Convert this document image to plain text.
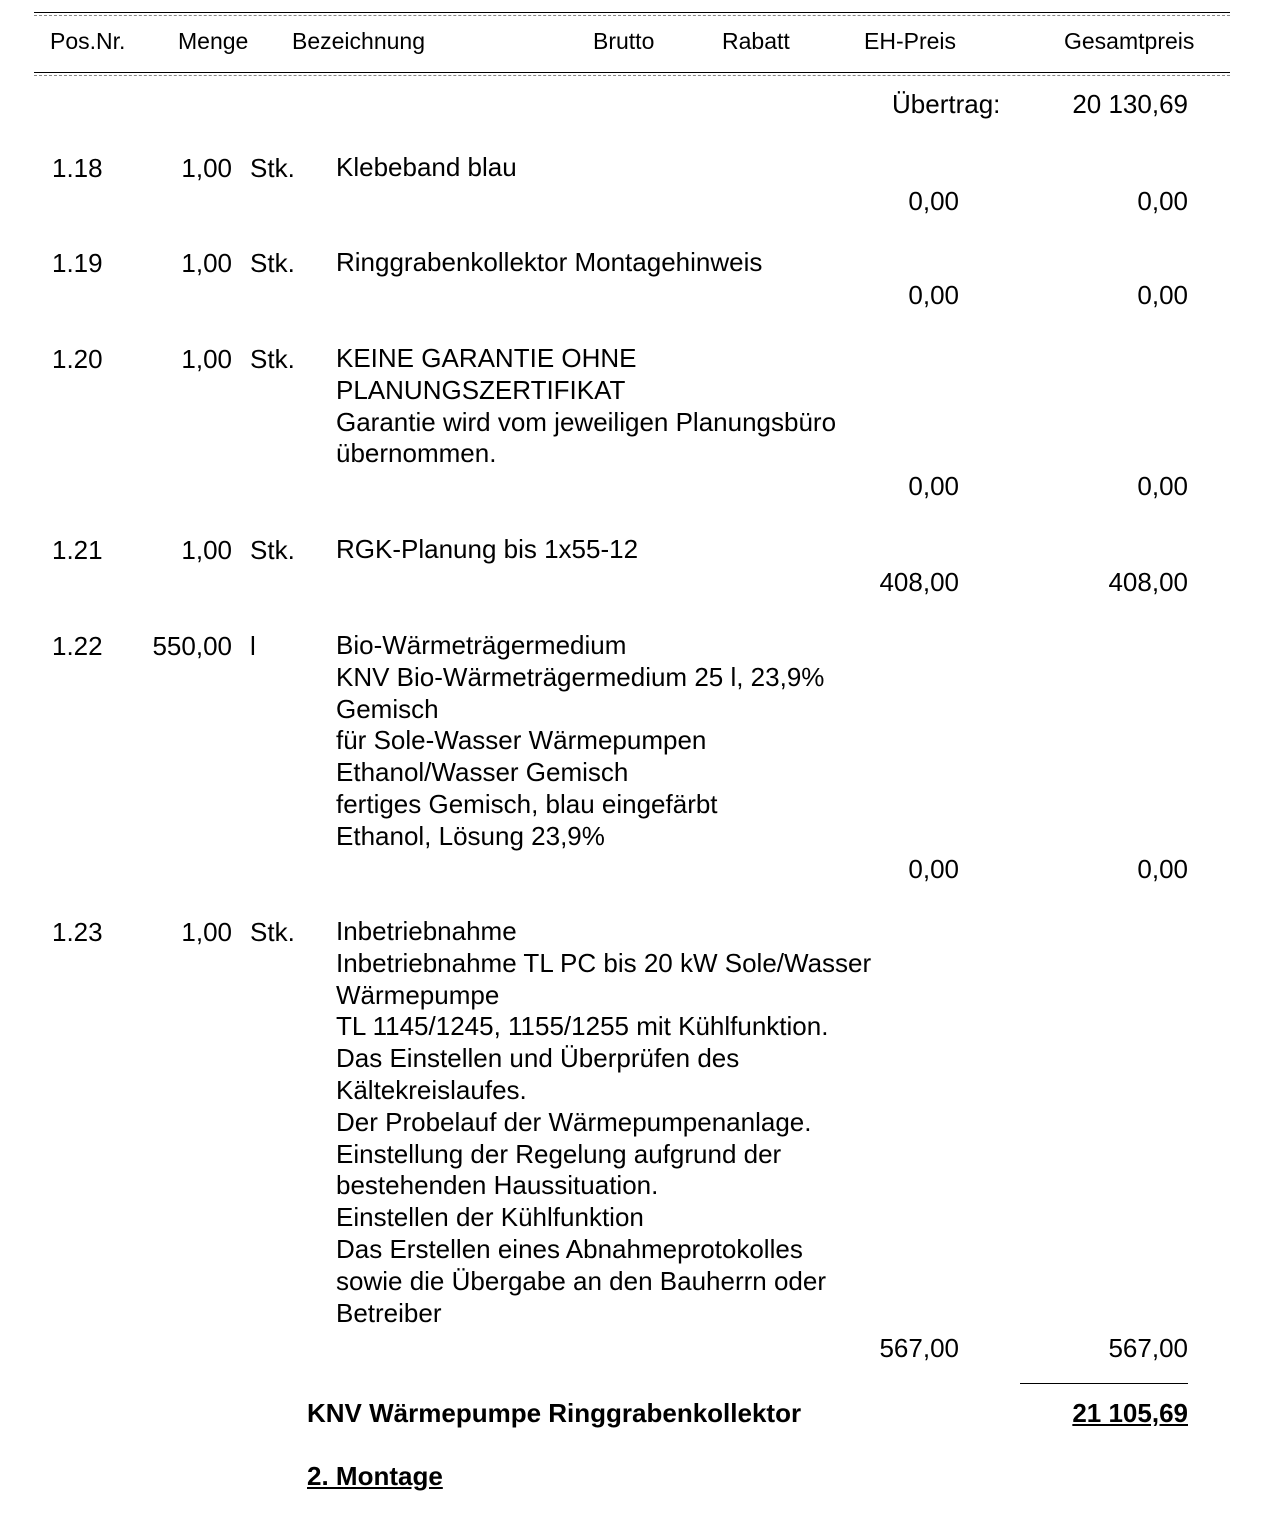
Pos.Nr. Menge Bezeichnung	Brutto	Rabatt	EH-Preis	Gesamtpreis
Übertrag:	20 130,69
1.18	1,00 Stk. Klebeband blau
0,00	0,00
1.19	1,00 Stk. Ringgrabenkollektor Montagehinweis
0,00	0,00
1.20	1,00 Stk. KEINE GARANTIE OHNE
PLANUNGSZERTIFIKAT
Garantie wird vom jeweiligen Planungsbüro
übernommen.
0,00	0,00
1.21	1,00 Stk. RGK-Planung bis 1x55-12
408,00	408,00
1.22 550,00 l	Bio-Wärmeträgermedium
KNV Bio-Wärmeträgermedium 25 l, 23,9%
Gemisch
für Sole-Wasser Wärmepumpen
Ethanol/Wasser Gemisch
fertiges Gemisch, blau eingefärbt
Ethanol, Lösung 23,9%
0,00	0,00
1.23	1,00 Stk. Inbetriebnahme
Inbetriebnahme TL PC bis 20 kW Sole/Wasser
Wärmepumpe
TL 1145/1245, 1155/1255 mit Kühlfunktion.
Das Einstellen und Überprüfen des
Kältekreislaufes.
Der Probelauf der Wärmepumpenanlage.
Einstellung der Regelung aufgrund der
bestehenden Haussituation.
Einstellen der Kühlfunktion
Das Erstellen eines Abnahmeprotokolles
sowie die Übergabe an den Bauherrn oder
Betreiber
567,00	567,00
KNV Wärmepumpe Ringgrabenkollektor	21 105,69
2. Montage
